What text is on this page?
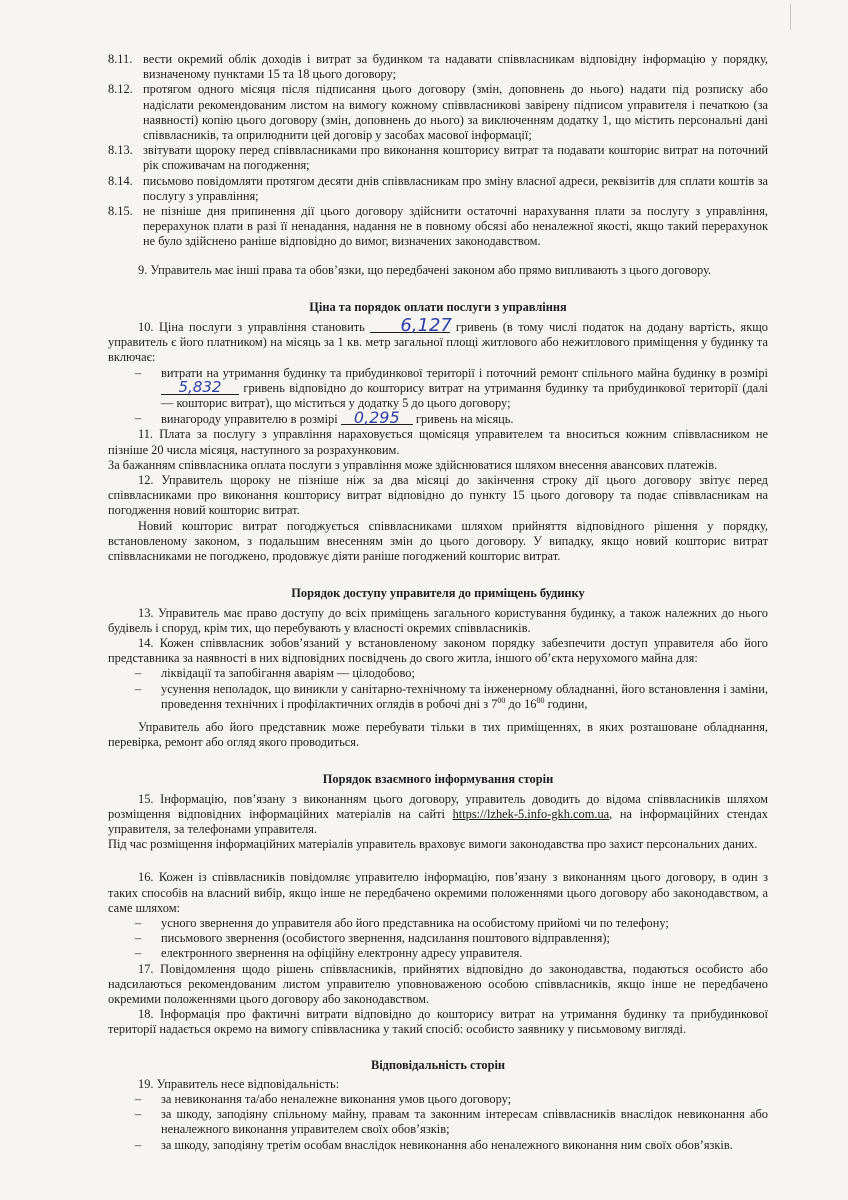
8.11. вести окремий облік доходів і витрат за будинком та надавати співвласникам відповідну інформацію у порядку, визначеному пунктами 15 та 18 цього договору;
8.12. протягом одного місяця після підписання цього договору (змін, доповнень до нього) надати під розписку або надіслати рекомендованим листом на вимогу кожному співвласникові завірену підписом управителя і печаткою (за наявності) копію цього договору (змін, доповнень до нього) за виключенням додатку 1, що містить персональні дані співвласників, та оприлюднити цей договір у засобах масової інформації;
8.13. звітувати щороку перед співвласниками про виконання кошторису витрат та подавати кошторис витрат на поточний рік споживачам на погодження;
8.14. письмово повідомляти протягом десяти днів співвласникам про зміну власної адреси, реквізитів для сплати коштів за послугу з управління;
8.15. не пізніше дня припинення дії цього договору здійснити остаточні нарахування плати за послугу з управління, перерахунок плати в разі її ненадання, надання не в повному обсязі або неналежної якості, якщо такий перерахунок не було здійснено раніше відповідно до вимог, визначених законодавством.

9. Управитель має інші права та обов’язки, що передбачені законом або прямо випливають з цього договору.

Ціна та порядок оплати послуги з управління

10. Ціна послуги з управління становить 6,127 гривень (в тому числі податок на додану вартість, якщо управитель є його платником) на місяць за 1 кв. метр загальної площі житлового або нежитлового приміщення у будинку та включає:

–	витрати на утримання будинку та прибудинкової території і поточний ремонт спільного майна будинку в розмірі 5,832 гривень відповідно до кошторису витрат на утримання будинку та прибудинкової території (далі — кошторис витрат), що міститься у додатку 5 до цього договору;
–	винагороду управителю в розмірі 0,295 гривень на місяць.

11. Плата за послугу з управління нараховується щомісяця управителем та вноситься кожним співвласником не пізніше 20 числа місяця, наступного за розрахунковим.

За бажанням співвласника оплата послуги з управління може здійснюватися шляхом внесення авансових платежів.

12. Управитель щороку не пізніше ніж за два місяці до закінчення строку дії цього договору звітує перед співвласниками про виконання кошторису витрат відповідно до пункту 15 цього договору та подає співвласникам на погодження новий кошторис витрат.

Новий кошторис витрат погоджується співвласниками шляхом прийняття відповідного рішення у порядку, встановленому законом, з подальшим внесенням змін до цього договору. У випадку, якщо новий кошторис витрат співвласниками не погоджено, продовжує діяти раніше погоджений кошторис витрат.

Порядок доступу управителя до приміщень будинку

13. Управитель має право доступу до всіх приміщень загального користування будинку, а також належних до нього будівель і споруд, крім тих, що перебувають у власності окремих співвласників.

14. Кожен співвласник зобов’язаний у встановленому законом порядку забезпечити доступ управителя або його представника за наявності в них відповідних посвідчень до свого житла, іншого об’єкта нерухомого майна для:

–	ліквідації та запобігання аваріям — цілодобово;
–	усунення неполадок, що виникли у санітарно-технічному та інженерному обладнанні, його встановлення і заміни, проведення технічних і профілактичних оглядів в робочі дні з $7^{00}$ до $16^{00}$ години,

Управитель або його представник може перебувати тільки в тих приміщеннях, в яких розташоване обладнання, перевірка, ремонт або огляд якого проводиться.

Порядок взаємного інформування сторін

15. Інформацію, пов’язану з виконанням цього договору, управитель доводить до відома співвласників шляхом розміщення відповідних інформаційних матеріалів на сайті https://lzhek-5.info-gkh.com.ua, на інформаційних стендах управителя, за телефонами управителя.

Під час розміщення інформаційних матеріалів управитель враховує вимоги законодавства про захист персональних даних.

16. Кожен із співвласників повідомляє управителю інформацію, пов’язану з виконанням цього договору, в один з таких способів на власний вибір, якщо інше не передбачено окремими положеннями цього договору або законодавством, а саме шляхом:

–	усного звернення до управителя або його представника на особистому прийомі чи по телефону;
–	письмового звернення (особистого звернення, надсилання поштового відправлення);
–	електронного звернення на офіційну електронну адресу управителя.

17. Повідомлення щодо рішень співвласників, прийнятих відповідно до законодавства, подаються особисто або надсилаються рекомендованим листом управителю уповноваженою особою співвласників, якщо інше не передбачено окремими положеннями цього договору або законодавством.

18. Інформація про фактичні витрати відповідно до кошторису витрат на утримання будинку та прибудинкової території надається окремо на вимогу співвласника у такий спосіб: особисто заявнику у письмовому вигляді.

Відповідальність сторін

19. Управитель несе відповідальність:

–	за невиконання та/або неналежне виконання умов цього договору;
–	за шкоду, заподіяну спільному майну, правам та законним інтересам співвласників внаслідок невиконання або неналежного виконання управителем своїх обов’язків;
–	за шкоду, заподіяну третім особам внаслідок невиконання або неналежного виконання ним своїх обов’язків.
